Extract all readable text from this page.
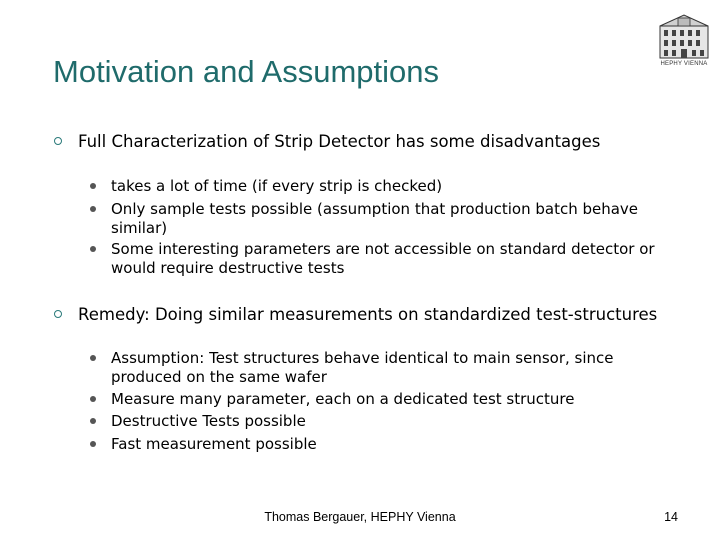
Motivation and Assumptions	HEPHY VIENNA
Full Characterization of Strip Detector has some disadvantages
takes a lot of time (if every strip is checked)
Only sample tests possible (assumption that production batch behave similar)
Some interesting parameters are not accessible on standard detector or would require destructive tests
Remedy: Doing similar measurements on standardized test-structures
Assumption: Test structures behave identical to main sensor, since produced on the same wafer
Measure many parameter, each on a dedicated test structure
Destructive Tests possible
Fast measurement possible
Thomas Bergauer, HEPHY Vienna	14
